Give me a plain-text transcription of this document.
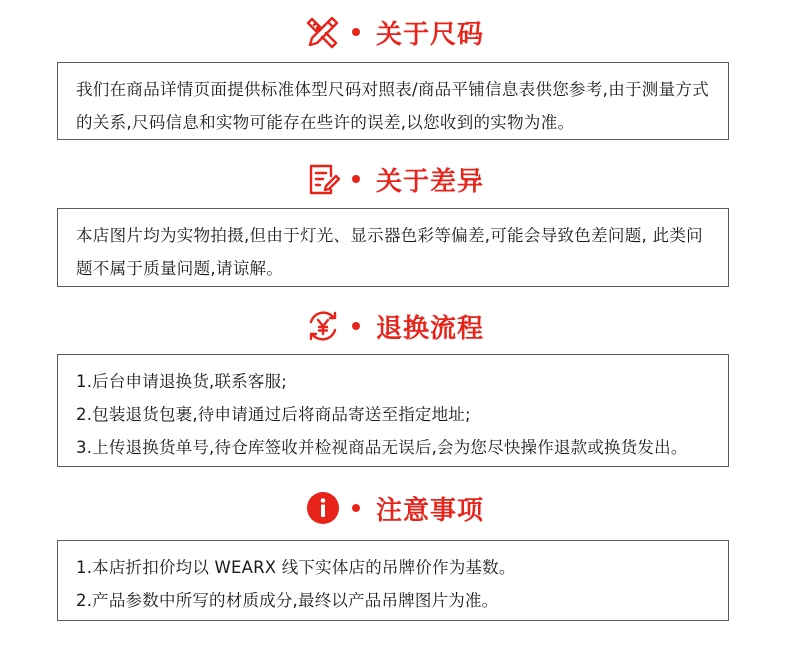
关于尺码

我们在商品详情页面提供标准体型尺码对照表/商品平铺信息表供您参考,由于测量方式的关系,尺码信息和实物可能存在些许的误差,以您收到的实物为准。

关于差异

本店图片均为实物拍摄,但由于灯光、显示器色彩等偏差,可能会导致色差问题, 此类问题不属于质量问题,请谅解。

退换流程

1.后台申请退换货,联系客服;

2.包装退货包裹,待申请通过后将商品寄送至指定地址;

3.上传退换货单号,待仓库签收并检视商品无误后,会为您尽快操作退款或换货发出。

注意事项

1.本店折扣价均以 WEARX 线下实体店的吊牌价作为基数。

2.产品参数中所写的材质成分,最终以产品吊牌图片为准。
